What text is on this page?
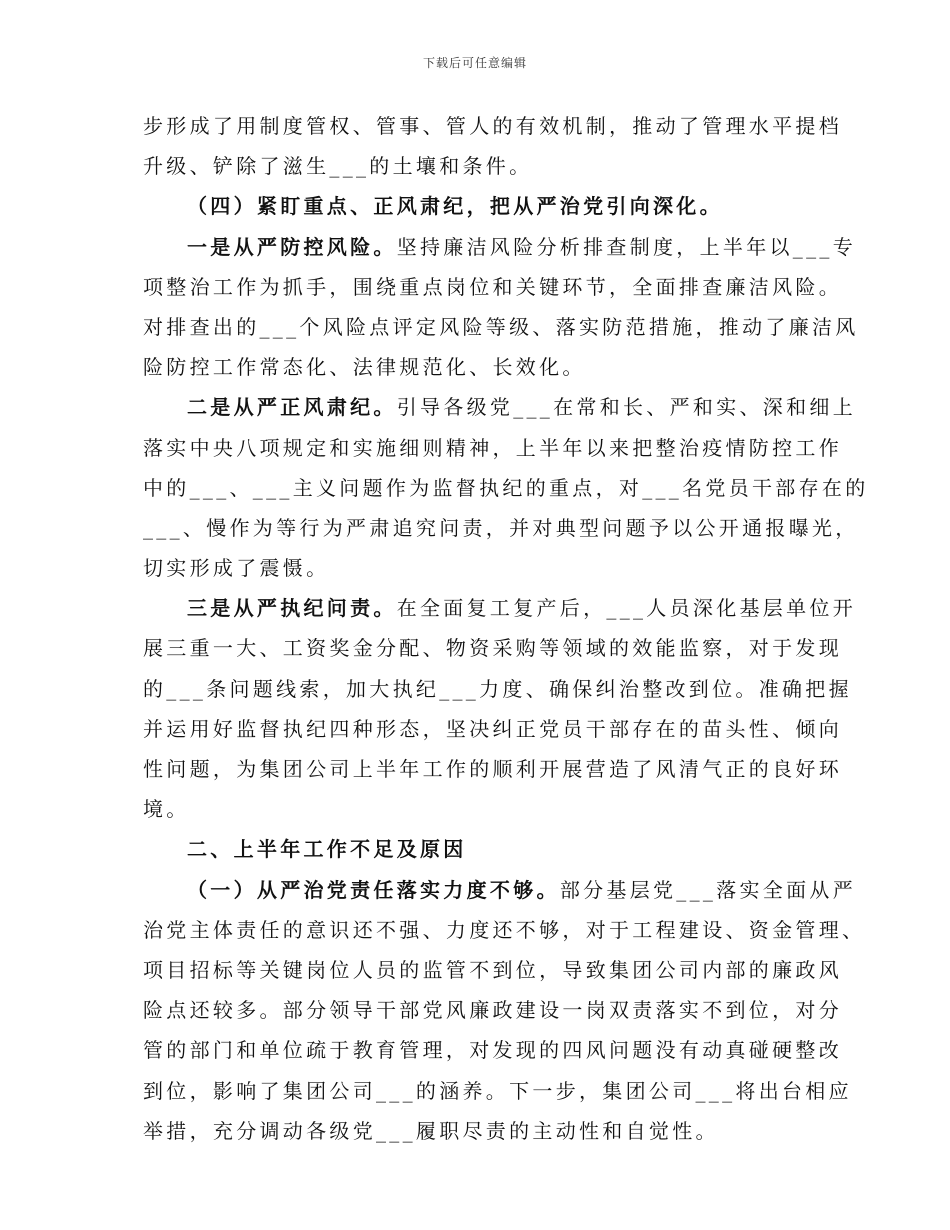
下载后可任意编辑
步形成了用制度管权、管事、管人的有效机制，推动了管理水平提档
升级、铲除了滋生___的土壤和条件。
（四）紧盯重点、正风肃纪，把从严治党引向深化。
一是从严防控风险。坚持廉洁风险分析排查制度，上半年以___专
项整治工作为抓手，围绕重点岗位和关键环节，全面排查廉洁风险。
对排查出的___个风险点评定风险等级、落实防范措施，推动了廉洁风
险防控工作常态化、法律规范化、长效化。
二是从严正风肃纪。引导各级党___在常和长、严和实、深和细上
落实中央八项规定和实施细则精神，上半年以来把整治疫情防控工作
中的___、___主义问题作为监督执纪的重点，对___名党员干部存在的
___、慢作为等行为严肃追究问责，并对典型问题予以公开通报曝光，
切实形成了震慑。
三是从严执纪问责。在全面复工复产后，___人员深化基层单位开
展三重一大、工资奖金分配、物资采购等领域的效能监察，对于发现
的___条问题线索，加大执纪___力度、确保纠治整改到位。准确把握
并运用好监督执纪四种形态，坚决纠正党员干部存在的苗头性、倾向
性问题，为集团公司上半年工作的顺利开展营造了风清气正的良好环
境。
二、上半年工作不足及原因
（一）从严治党责任落实力度不够。部分基层党___落实全面从严
治党主体责任的意识还不强、力度还不够，对于工程建设、资金管理、
项目招标等关键岗位人员的监管不到位，导致集团公司内部的廉政风
险点还较多。部分领导干部党风廉政建设一岗双责落实不到位，对分
管的部门和单位疏于教育管理，对发现的四风问题没有动真碰硬整改
到位，影响了集团公司___的涵养。下一步，集团公司___将出台相应
举措，充分调动各级党___履职尽责的主动性和自觉性。
